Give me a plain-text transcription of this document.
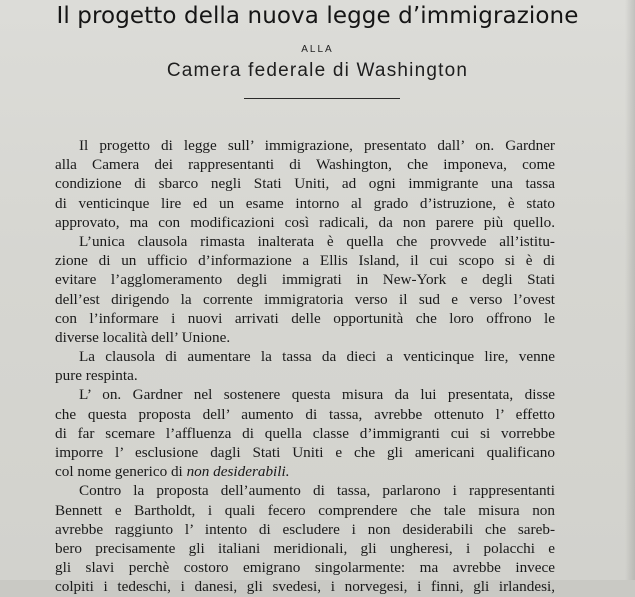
Il progetto della nuova legge d’immigrazione
ALLA
Camera federale di Washington
Il progetto di legge sull’ immigrazione, presentato dall’ on. Gardner
alla Camera dei rappresentanti di Washington, che imponeva, come
condizione di sbarco negli Stati Uniti, ad ogni immigrante una tassa
di venticinque lire ed un esame intorno al grado d’istruzione, è stato
approvato, ma con modificazioni così radicali, da non parere più quello.
L’unica clausola rimasta inalterata è quella che provvede all’istitu-
zione di un ufficio d’informazione a Ellis Island, il cui scopo si è di
evitare l’agglomeramento degli immigrati in New-York e degli Stati
dell’est dirigendo la corrente immigratoria verso il sud e verso l’ovest
con l’informare i nuovi arrivati delle opportunità che loro offrono le
diverse località dell’ Unione.
La clausola di aumentare la tassa da dieci a venticinque lire, venne
pure respinta.
L’ on. Gardner nel sostenere questa misura da lui presentata, disse
che questa proposta dell’ aumento di tassa, avrebbe ottenuto l’ effetto
di far scemare l’affluenza di quella classe d’immigranti cui si vorrebbe
imporre l’ esclusione dagli Stati Uniti e che gli americani qualificano
col nome generico di non desiderabili.
Contro la proposta dell’aumento di tassa, parlarono i rappresentanti
Bennett e Bartholdt, i quali fecero comprendere che tale misura non
avrebbe raggiunto l’ intento di escludere i non desiderabili che sareb-
bero precisamente gli italiani meridionali, gli ungheresi, i polacchi e
gli slavi perchè costoro emigrano singolarmente: ma avrebbe invece
colpiti i tedeschi, i danesi, gli svedesi, i norvegesi, i finni, gli irlandesi,
